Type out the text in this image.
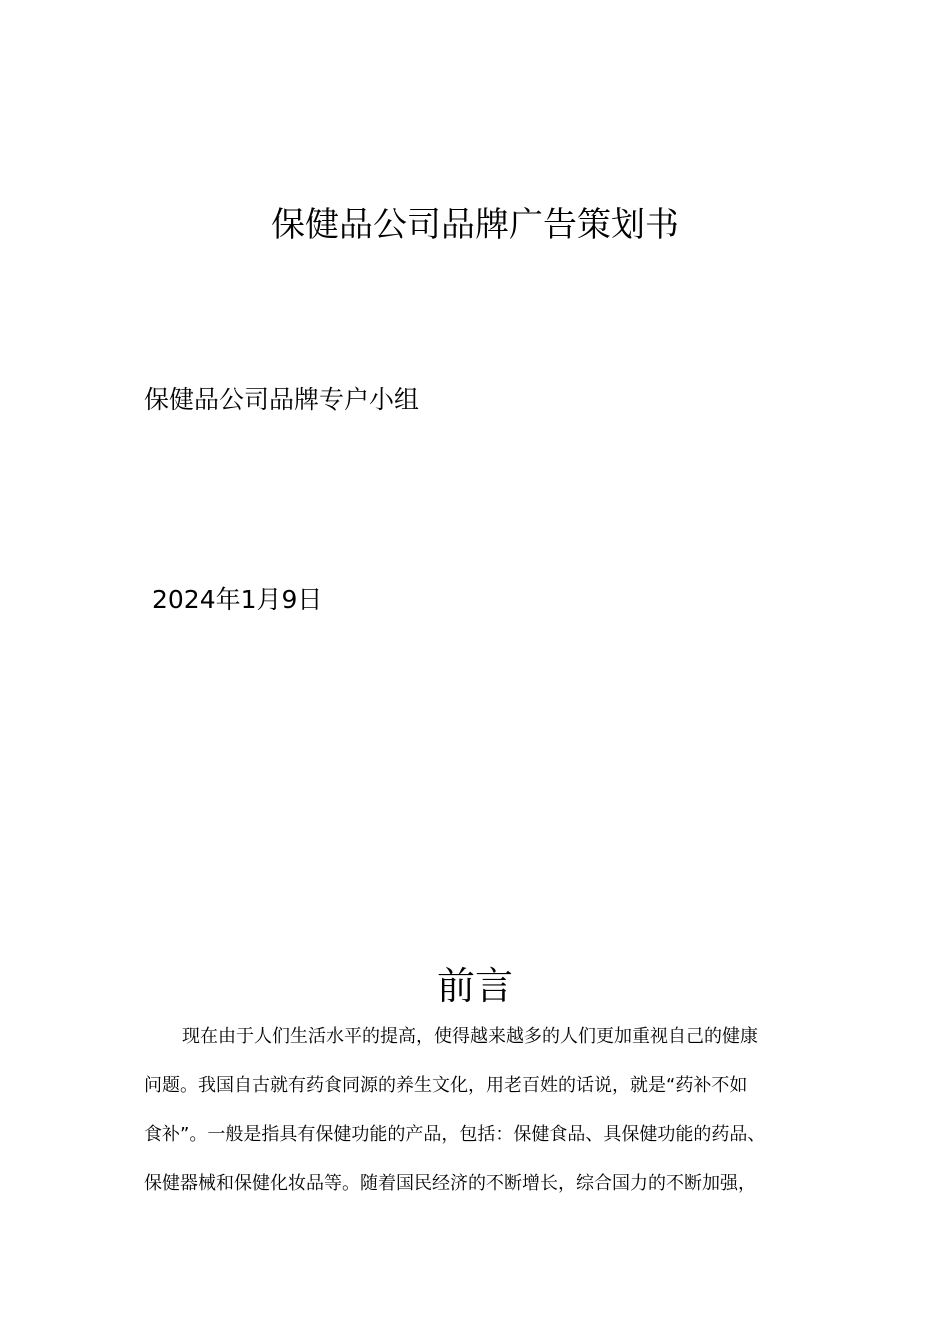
保健品公司品牌广告策划书
保健品公司品牌专户小组
2024年1月9日
前言
现在由于人们生活水平的提高，使得越来越多的人们更加重视自己的健康
问题。我国自古就有药食同源的养生文化，用老百姓的话说，就是“药补不如
食补”。一般是指具有保健功能的产品，包括：保健食品、具保健功能的药品、
保健器械和保健化妆品等。随着国民经济的不断增长，综合国力的不断加强，
